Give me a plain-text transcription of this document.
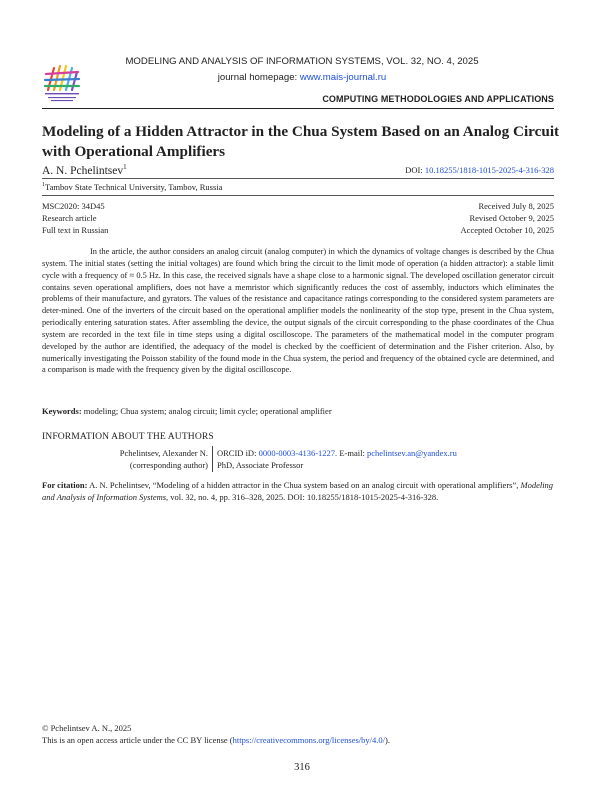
MODELING AND ANALYSIS OF INFORMATION SYSTEMS, VOL. 32, NO. 4, 2025
journal homepage: www.mais-journal.ru
COMPUTING METHODOLOGIES AND APPLICATIONS
Modeling of a Hidden Attractor in the Chua System Based on an Analog Circuit with Operational Amplifiers
A. N. Pchelintsev$^1$	DOI: 10.18255/1818-1015-2025-4-316-328
$^1$Tambov State Technical University, Tambov, Russia
MSC2020: 34D45
Research article
Full text in Russian
Received July 8, 2025
Revised October 9, 2025
Accepted October 10, 2025
In the article, the author considers an analog circuit (analog computer) in which the dynamics of voltage changes is described by the Chua system. The initial states (setting the initial voltages) are found which bring the circuit to the limit mode of operation (a hidden attractor): a stable limit cycle with a frequency of ≈ 0.5 Hz. In this case, the received signals have a shape close to a harmonic signal. The developed oscillation generator circuit contains seven operational amplifiers, does not have a memristor which significantly reduces the cost of assembly, inductors which eliminates the problems of their manufacture, and gyrators. The values of the resistance and capacitance ratings corresponding to the considered system parameters are deter-mined. One of the inverters of the circuit based on the operational amplifier models the nonlinearity of the stop type, present in the Chua system, periodically entering saturation states. After assembling the device, the output signals of the circuit corresponding to the phase coordinates of the Chua system are recorded in the text file in time steps using a digital oscilloscope. The parameters of the mathematical model in the computer program developed by the author are identified, the adequacy of the model is checked by the coefficient of determination and the Fisher criterion. Also, by numerically investigating the Poisson stability of the found mode in the Chua system, the period and frequency of the obtained cycle are determined, and a comparison is made with the frequency given by the digital oscilloscope.
Keywords: modeling; Chua system; analog circuit; limit cycle; operational amplifier
INFORMATION ABOUT THE AUTHORS
Pchelintsev, Alexander N.
(corresponding author)
ORCID iD: 0000-0003-4136-1227. E-mail: pchelintsev.an@yandex.ru
PhD, Associate Professor
For citation: A. N. Pchelintsev, “Modeling of a hidden attractor in the Chua system based on an analog circuit with operational amplifiers”, Modeling and Analysis of Information Systems, vol. 32, no. 4, pp. 316–328, 2025. DOI: 10.18255/1818-1015-2025-4-316-328.
© Pchelintsev A. N., 2025
This is an open access article under the CC BY license (https://creativecommons.org/licenses/by/4.0/).
316
